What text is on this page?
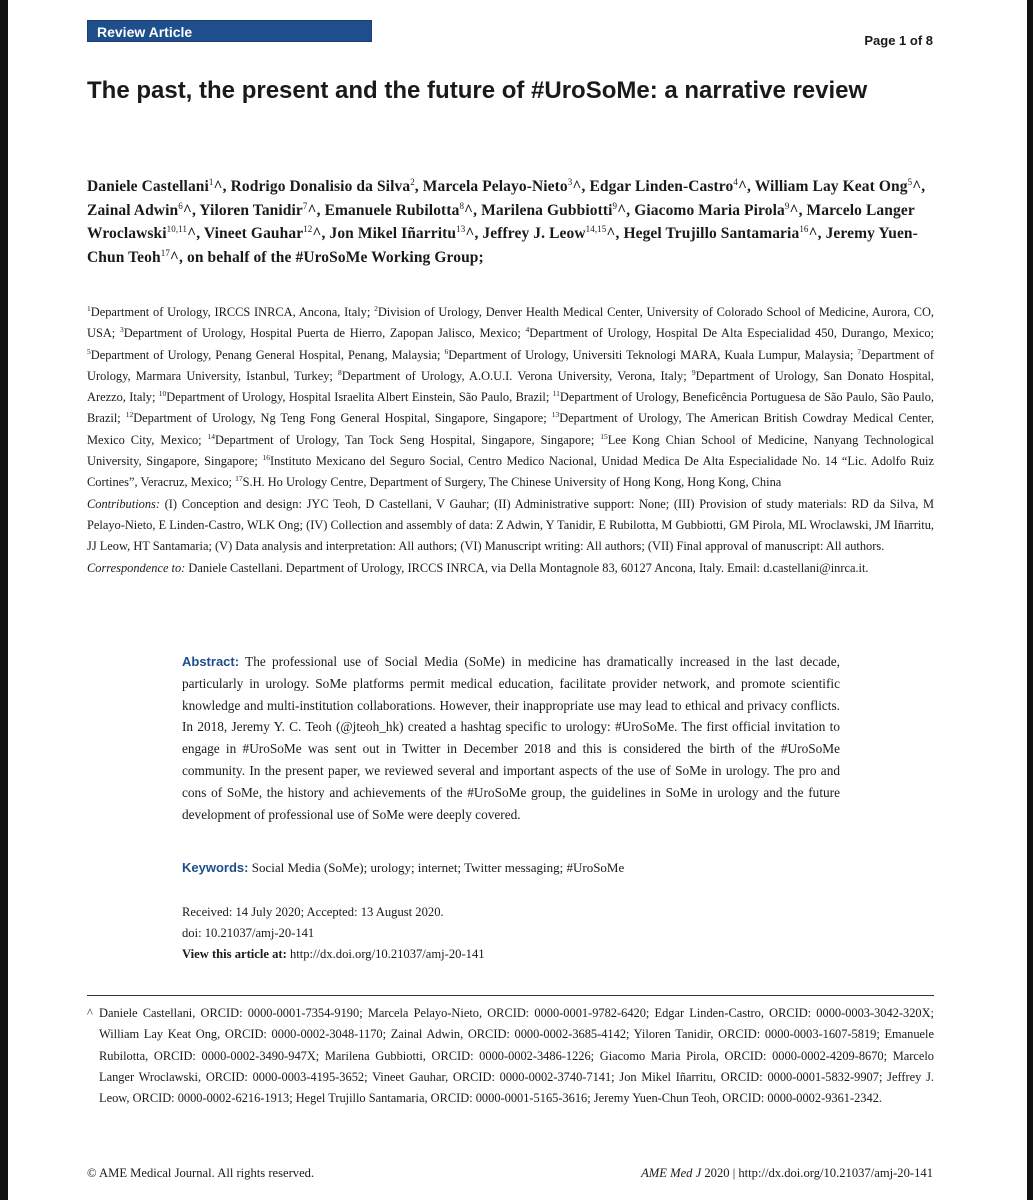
Review Article
Page 1 of 8
The past, the present and the future of #UroSoMe: a narrative review
Daniele Castellani$^1$^, Rodrigo Donalisio da Silva$^2$, Marcela Pelayo-Nieto$^3$^, Edgar Linden-Castro$^4$^, William Lay Keat Ong$^5$^, Zainal Adwin$^6$^, Yiloren Tanidir$^7$^, Emanuele Rubilotta$^8$^, Marilena Gubbiotti$^9$^, Giacomo Maria Pirola$^9$^, Marcelo Langer Wroclawski$^{10,11}$^, Vineet Gauhar$^{12}$^, Jon Mikel Iñarritu$^{13}$^, Jeffrey J. Leow$^{14,15}$^, Hegel Trujillo Santamaria$^{16}$^, Jeremy Yuen-Chun Teoh$^{17}$^, on behalf of the #UroSoMe Working Group;

$^1$Department of Urology, IRCCS INRCA, Ancona, Italy; $^2$Division of Urology, Denver Health Medical Center, University of Colorado School of Medicine, Aurora, CO, USA; $^3$Department of Urology, Hospital Puerta de Hierro, Zapopan Jalisco, Mexico; $^4$Department of Urology, Hospital De Alta Especialidad 450, Durango, Mexico; $^5$Department of Urology, Penang General Hospital, Penang, Malaysia; $^6$Department of Urology, Universiti Teknologi MARA, Kuala Lumpur, Malaysia; $^7$Department of Urology, Marmara University, Istanbul, Turkey; $^8$Department of Urology, A.O.U.I. Verona University, Verona, Italy; $^9$Department of Urology, San Donato Hospital, Arezzo, Italy; $^{10}$Department of Urology, Hospital Israelita Albert Einstein, São Paulo, Brazil; $^{11}$Department of Urology, Beneficência Portuguesa de São Paulo, São Paulo, Brazil; $^{12}$Department of Urology, Ng Teng Fong General Hospital, Singapore, Singapore; $^{13}$Department of Urology, The American British Cowdray Medical Center, Mexico City, Mexico; $^{14}$Department of Urology, Tan Tock Seng Hospital, Singapore, Singapore; $^{15}$Lee Kong Chian School of Medicine, Nanyang Technological University, Singapore, Singapore; $^{16}$Instituto Mexicano del Seguro Social, Centro Medico Nacional, Unidad Medica De Alta Especialidade No. 14 “Lic. Adolfo Ruiz Cortines”, Veracruz, Mexico; $^{17}$S.H. Ho Urology Centre, Department of Surgery, The Chinese University of Hong Kong, Hong Kong, China

Contributions: (I) Conception and design: JYC Teoh, D Castellani, V Gauhar; (II) Administrative support: None; (III) Provision of study materials: RD da Silva, M Pelayo-Nieto, E Linden-Castro, WLK Ong; (IV) Collection and assembly of data: Z Adwin, Y Tanidir, E Rubilotta, M Gubbiotti, GM Pirola, ML Wroclawski, JM Iñarritu, JJ Leow, HT Santamaria; (V) Data analysis and interpretation: All authors; (VI) Manuscript writing: All authors; (VII) Final approval of manuscript: All authors.

Correspondence to: Daniele Castellani. Department of Urology, IRCCS INRCA, via Della Montagnole 83, 60127 Ancona, Italy. Email: d.castellani@inrca.it.

Abstract: The professional use of Social Media (SoMe) in medicine has dramatically increased in the last decade, particularly in urology. SoMe platforms permit medical education, facilitate provider network, and promote scientific knowledge and multi-institution collaborations. However, their inappropriate use may lead to ethical and privacy conflicts. In 2018, Jeremy Y. C. Teoh (@jteoh_hk) created a hashtag specific to urology: #UroSoMe. The first official invitation to engage in #UroSoMe was sent out in Twitter in December 2018 and this is considered the birth of the #UroSoMe community. In the present paper, we reviewed several and important aspects of the use of SoMe in urology. The pro and cons of SoMe, the history and achievements of the #UroSoMe group, the guidelines in SoMe in urology and the future development of professional use of SoMe were deeply covered.

Keywords: Social Media (SoMe); urology; internet; Twitter messaging; #UroSoMe
Received: 14 July 2020; Accepted: 13 August 2020.
doi: 10.21037/amj-20-141
View this article at: http://dx.doi.org/10.21037/amj-20-141
^ Daniele Castellani, ORCID: 0000-0001-7354-9190; Marcela Pelayo-Nieto, ORCID: 0000-0001-9782-6420; Edgar Linden-Castro, ORCID: 0000-0003-3042-320X; William Lay Keat Ong, ORCID: 0000-0002-3048-1170; Zainal Adwin, ORCID: 0000-0002-3685-4142; Yiloren Tanidir, ORCID: 0000-0003-1607-5819; Emanuele Rubilotta, ORCID: 0000-0002-3490-947X; Marilena Gubbiotti, ORCID: 0000-0002-3486-1226; Giacomo Maria Pirola, ORCID: 0000-0002-4209-8670; Marcelo Langer Wroclawski, ORCID: 0000-0003-4195-3652; Vineet Gauhar, ORCID: 0000-0002-3740-7141; Jon Mikel Iñarritu, ORCID: 0000-0001-5832-9907; Jeffrey J. Leow, ORCID: 0000-0002-6216-1913; Hegel Trujillo Santamaria, ORCID: 0000-0001-5165-3616; Jeremy Yuen-Chun Teoh, ORCID: 0000-0002-9361-2342.
© AME Medical Journal. All rights reserved.	AME Med J 2020 | http://dx.doi.org/10.21037/amj-20-141
